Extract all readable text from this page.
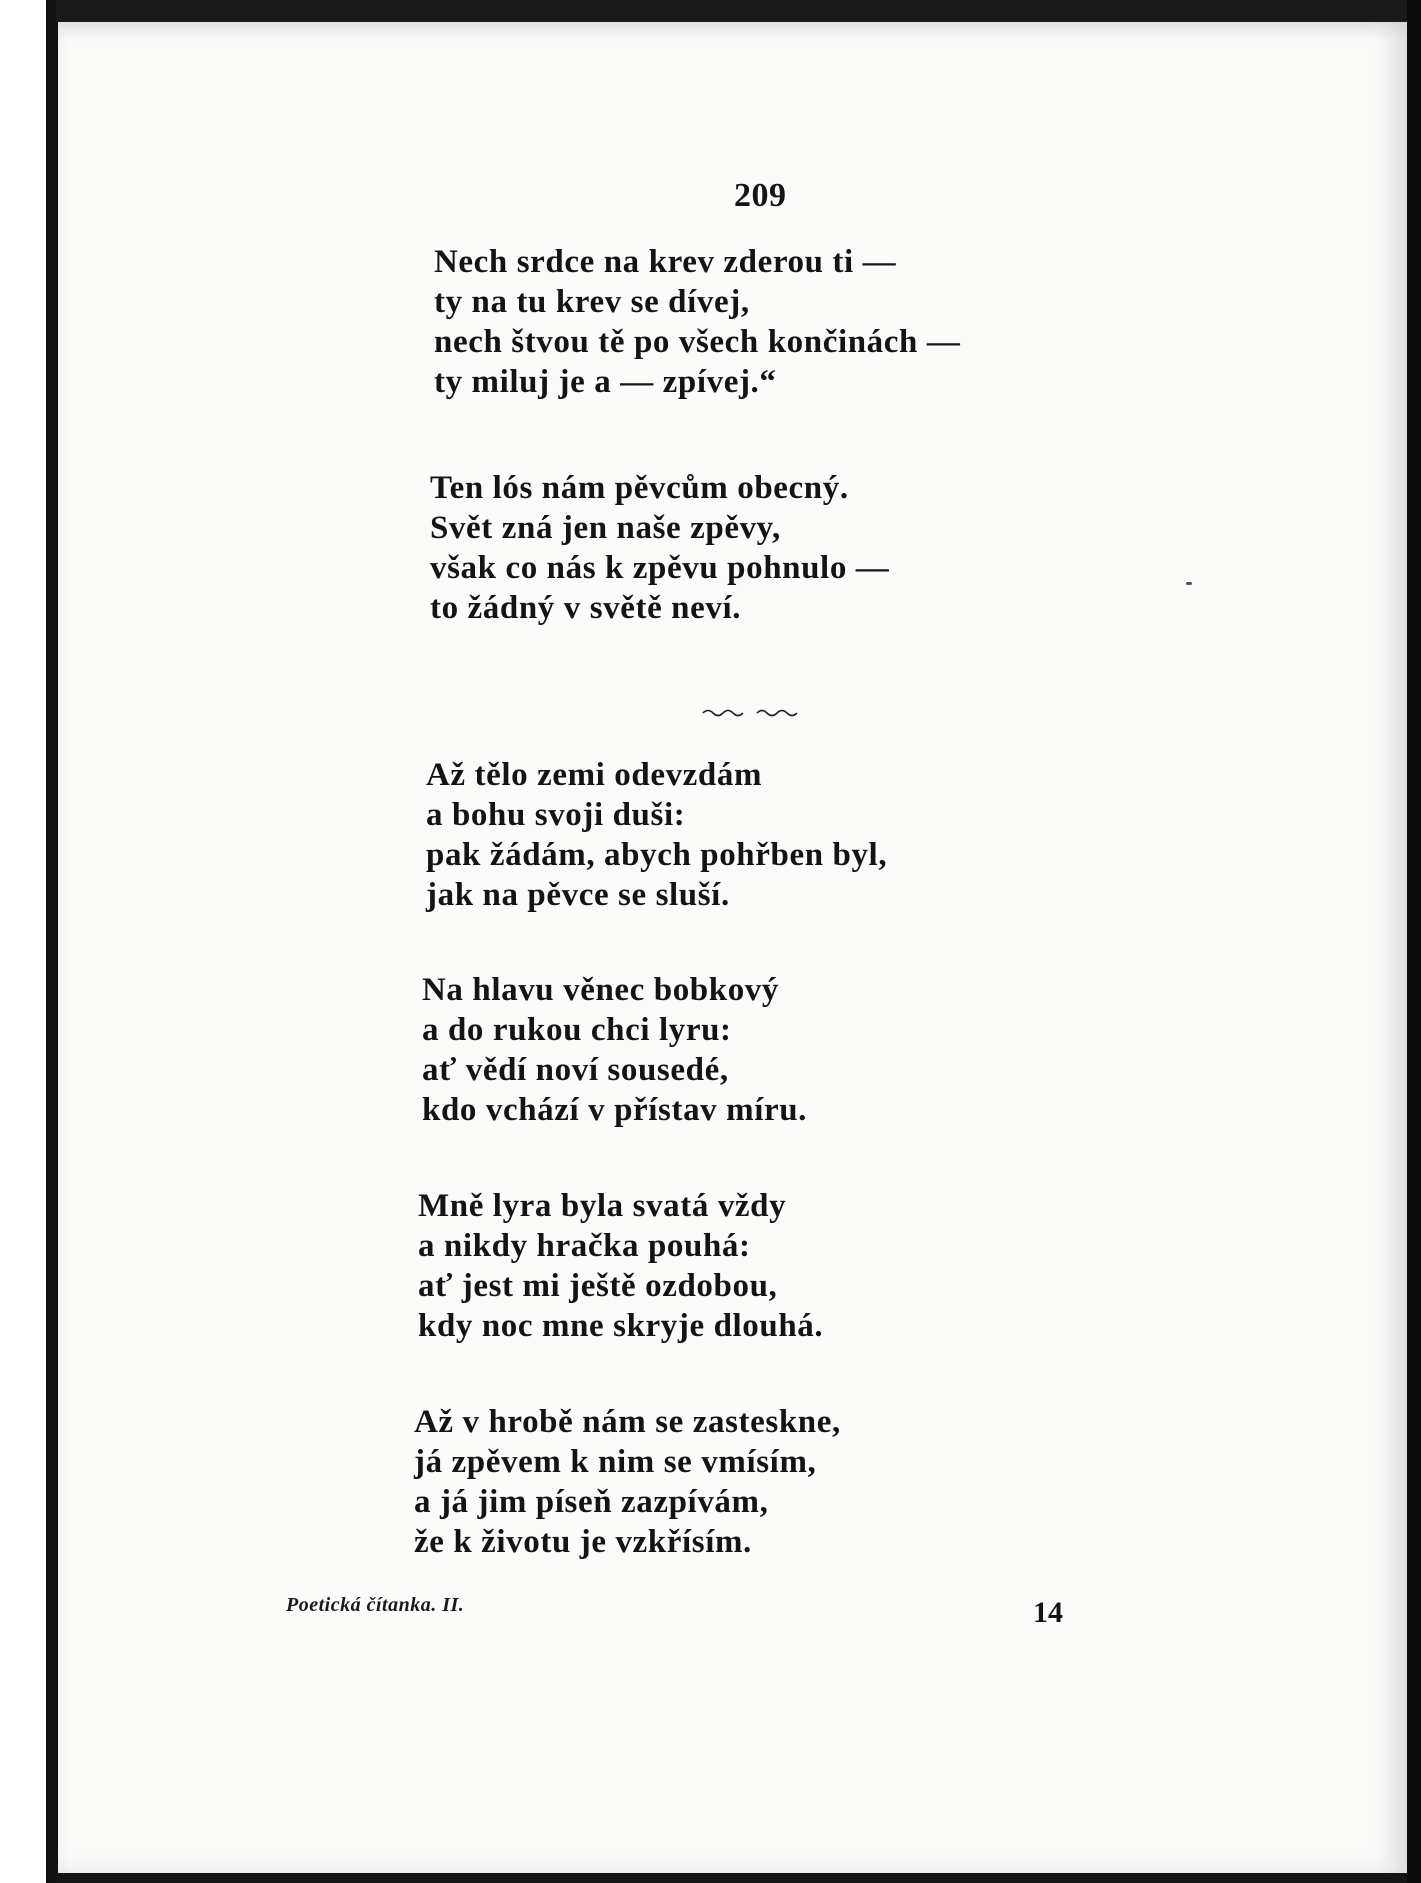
209

Nech srdce na krev zderou ti —
ty na tu krev se dívej,
nech štvou tě po všech končinách —
ty miluj je a — zpívej.“

Ten lós nám pěvcům obecný.
Svět zná jen naše zpěvy,
však co nás k zpěvu pohnulo —
to žádný v světě neví.

Až tělo zemi odevzdám
a bohu svoji duši:
pak žádám, abych pohřben byl,
jak na pěvce se sluší.

Na hlavu věnec bobkový
a do rukou chci lyru:
ať vědí noví sousedé,
kdo vchází v přístav míru.

Mně lyra byla svatá vždy
a nikdy hračka pouhá:
ať jest mi ještě ozdobou,
kdy noc mne skryje dlouhá.

Až v hrobě nám se zasteskne,
já zpěvem k nim se vmísím,
a já jim píseň zazpívám,
že k životu je vzkřísím.

Poetická čítanka. II.	14
